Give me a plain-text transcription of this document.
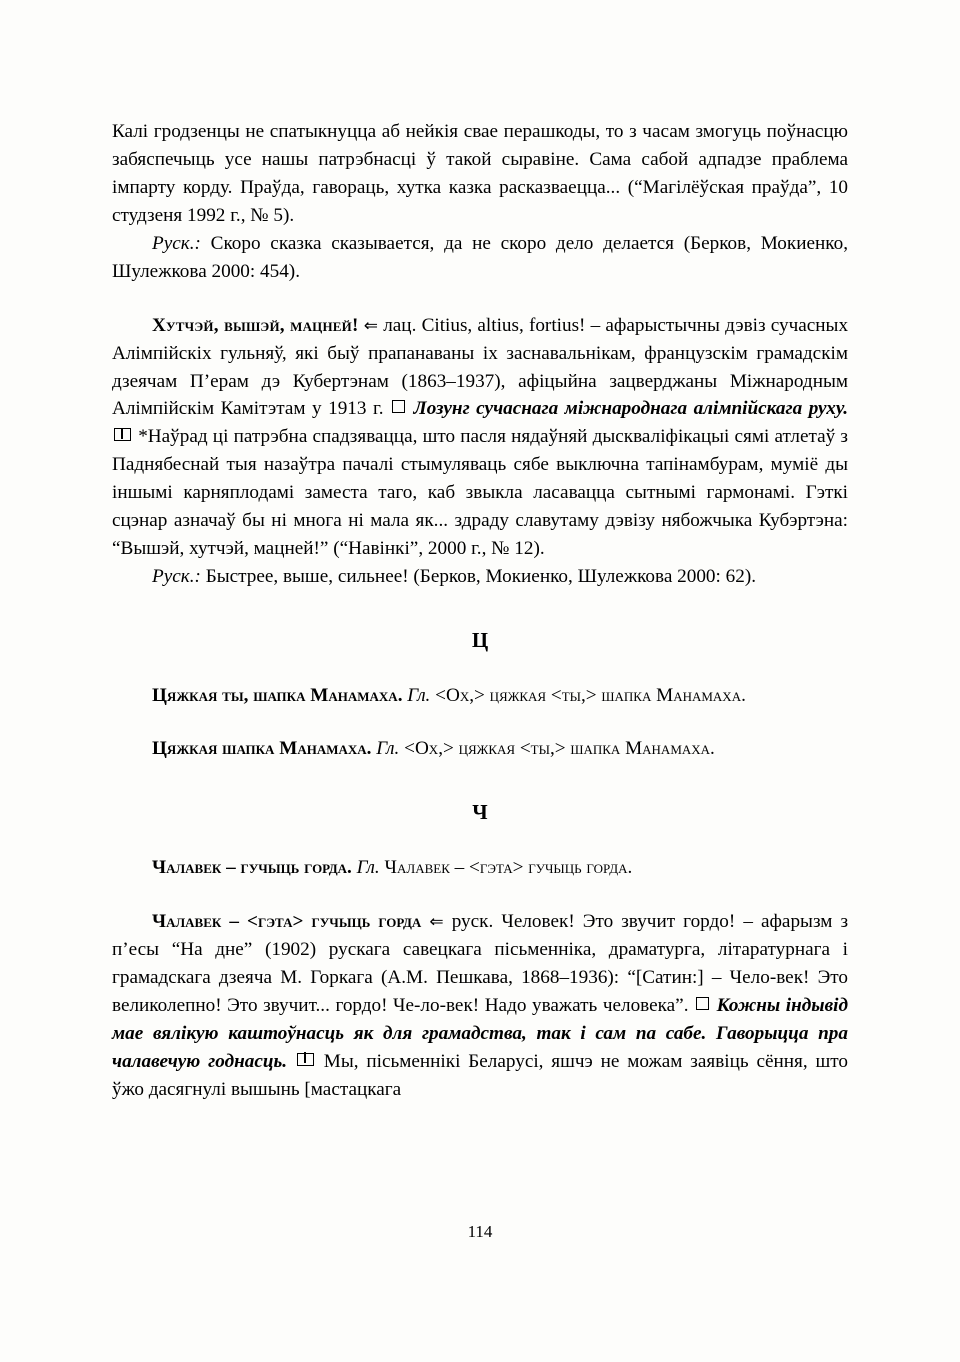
Калі гродзенцы не спатыкнуцца аб нейкія свае перашкоды, то з часам змогуць поўнасцю забяспечыць усе нашы патрэбнасці ў такой сыравіне. Сама сабой адпадзе праблема імпарту корду. Праўда, гавораць, хутка казка расказваецца... (“Магілёўская праўда”, 10 студзеня 1992 г., № 5).

Руск.: Скоро сказка сказывается, да не скоро дело делается (Берков, Мокиенко, Шулежкова 2000: 454).

Хутчэй, вышэй, мацней! ⇐ лац. Citius, altius, fortius! – афарыстычны дэвіз сучасных Алімпійскіх гульняў, які быў прапанаваны іх заснавальнікам, французскім грамадскім дзеячам П’ерам дэ Кубертэнам (1863–1937), афіцыйна зацверджаны Міжнародным Алімпійскім Камітэтам у 1913 г. Лозунг сучаснага міжнароднага алімпійскага руху.  *Наўрад ці патрэбна спадзявацца, што пасля нядаўняй дыскваліфікацыі сямі атлетаў з Паднябеснай тыя назаўтра пачалі стымуляваць сябе выключна тапінамбурам, муміё ды іншымі карняплодамі заместа таго, каб звыкла ласавацца сытнымі гармонамі. Гэткі сцэнар азначаў бы ні многа ні мала як... здраду славутаму дэвізу нябожчыка Кубэртэна: “Вышэй, хутчэй, мацней!” (“Навінкі”, 2000 г., № 12).

Руск.: Быстрее, выше, сильнее! (Берков, Мокиенко, Шулежкова 2000: 62).

Ц

Цяжкая ты, шапка Манамаха. Гл. <Ох,> цяжкая <ты,> шапка Манамаха.

Цяжкая шапка Манамаха. Гл. <Ох,> цяжкая <ты,> шапка Манамаха.

Ч

Чалавек – гучыць горда. Гл. Чалавек – <гэта> гучыць горда.

Чалавек – <гэта> гучыць горда ⇐ руск. Человек! Это звучит гордо! – афарызм з п’есы “На дне” (1902) рускага савецкага пісьменніка, драматурга, літаратурнага і грамадскага дзеяча М. Горкага (А.М. Пешкава, 1868–1936): “[Сатин:] – Чело-век! Это великолепно! Это звучит... гордо! Че-ло-век! Надо уважать человека”. Кожны індывід мае вялікую каштоўнасць як для грамадства, так і сам па сабе. Гаворыцца пра чалавечую годнасць. Мы, пісьменнікі Беларусі, яшчэ не можам заявіць сёння, што ўжо дасягнулі вышынь [мастацкага

114
